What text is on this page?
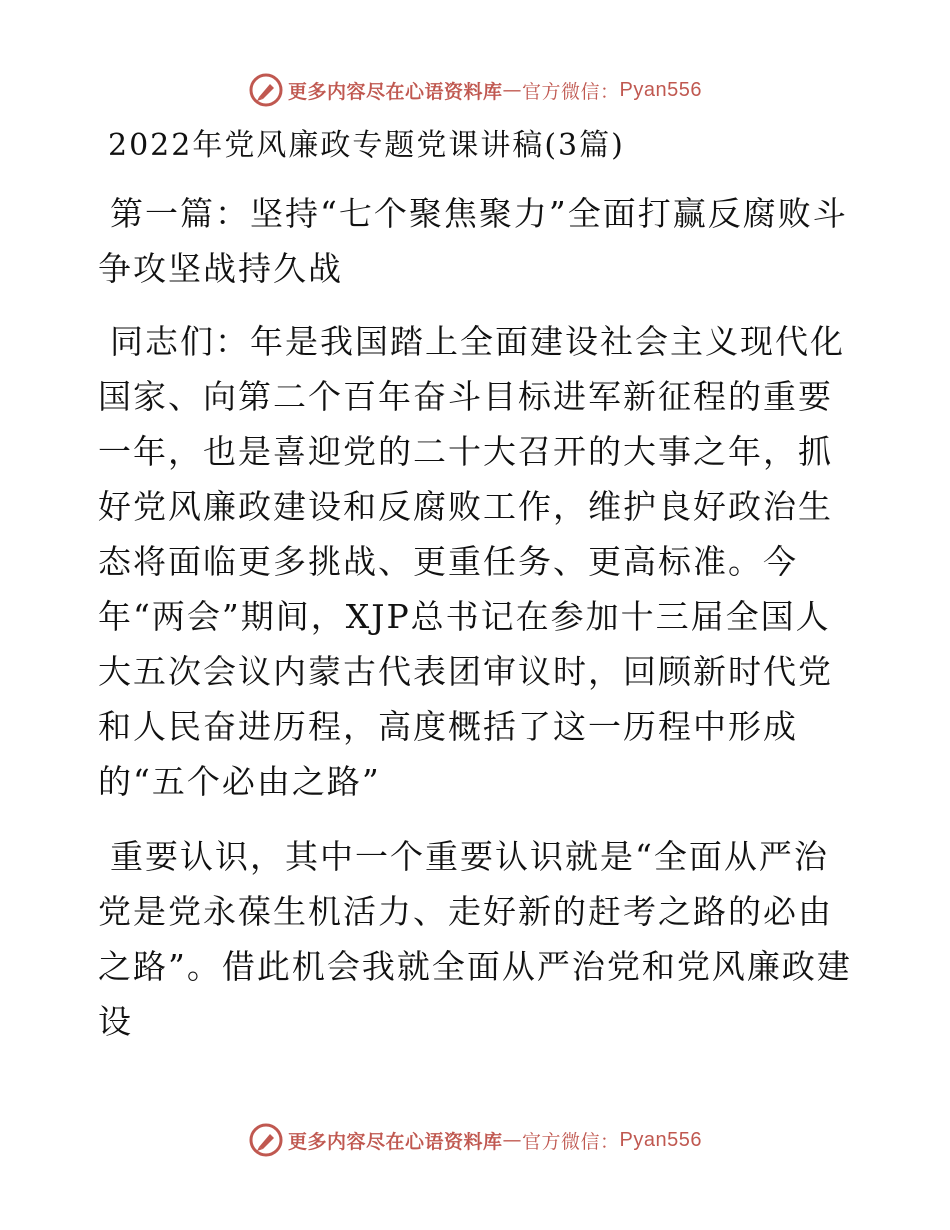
更多内容尽在心语资料库 — 官方微信： Pyan556
2022年党风廉政专题党课讲稿(3篇)

第一篇：坚持“七个聚焦聚力”全面打赢反腐败斗争攻坚战持久战

同志们：年是我国踏上全面建设社会主义现代化国家、向第二个百年奋斗目标进军新征程的重要一年，也是喜迎党的二十大召开的大事之年，抓好党风廉政建设和反腐败工作，维护良好政治生态将面临更多挑战、更重任务、更高标准。今年“两会”期间，XJP总书记在参加十三届全国人大五次会议内蒙古代表团审议时，回顾新时代党和人民奋进历程，高度概括了这一历程中形成的“五个必由之路”

重要认识，其中一个重要认识就是“全面从严治党是党永葆生机活力、走好新的赶考之路的必由之路”。借此机会我就全面从严治党和党风廉政建设

更多内容尽在心语资料库 — 官方微信： Pyan556
